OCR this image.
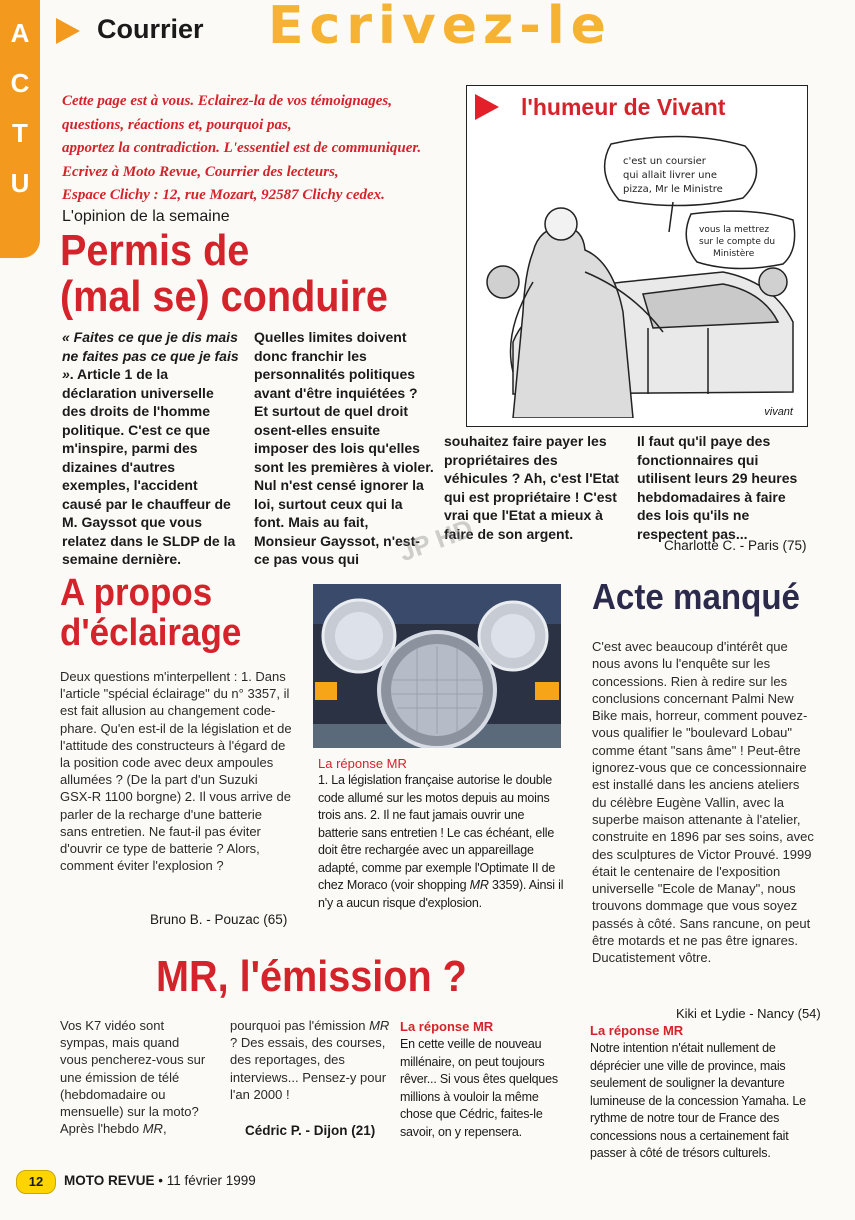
A
C
T
U
Courrier Ecrivez-le
Cette page est à vous. Eclairez-la de vos témoignages,
questions, réactions et, pourquoi pas,
apportez la contradiction. L'essentiel est de communiquer.
Ecrivez à Moto Revue, Courrier des lecteurs,
Espace Clichy : 12, rue Mozart, 92587 Clichy cedex.
L'opinion de la semaine
Permis de
(mal se) conduire
« Faites ce que je dis mais ne faites pas ce que je fais ». Article 1 de la déclaration universelle des droits de l'homme politique. C'est ce que m'inspire, parmi des dizaines d'autres exemples, l'accident causé par le chauffeur de M. Gayssot que vous relatez dans le SLDP de la semaine dernière.
Quelles limites doivent donc franchir les personnalités politiques avant d'être inquiétées ? Et surtout de quel droit osent-elles ensuite imposer des lois qu'elles sont les premières à violer. Nul n'est censé ignorer la loi, surtout ceux qui la font. Mais au fait, Monsieur Gayssot, n'est-ce pas vous qui
souhaitez faire payer les propriétaires des véhicules ? Ah, c'est l'Etat qui est propriétaire ! C'est vrai que l'Etat a mieux à faire de son argent.
Il faut qu'il paye des fonctionnaires qui utilisent leurs 29 heures hebdomadaires à faire des lois qu'ils ne respectent pas...
Charlotte C. - Paris (75)
l'humeur de Vivant
c'est un coursier
qui allait livrer une
pizza, Mr le Ministre
vous la mettrez
sur le compte du
Ministère
vivant
JP HD
A propos
d'éclairage
Deux questions m'interpellent : 1. Dans l'article "spécial éclairage" du n° 3357, il est fait allusion au changement code-phare. Qu'en est-il de la législation et de l'attitude des constructeurs à l'égard de la position code avec deux ampoules allumées ? (De la part d'un Suzuki GSX-R 1100 borgne) 2. Il vous arrive de parler de la recharge d'une batterie sans entretien. Ne faut-il pas éviter d'ouvrir ce type de batterie ? Alors, comment éviter l'explosion ?
Bruno B. - Pouzac (65)
La réponse MR
1. La législation française autorise le double code allumé sur les motos depuis au moins trois ans. 2. Il ne faut jamais ouvrir une batterie sans entretien ! Le cas échéant, elle doit être rechargée avec un appareillage adapté, comme par exemple l'Optimate II de chez Moraco (voir shopping MR 3359). Ainsi il n'y a aucun risque d'explosion.
Acte manqué
C'est avec beaucoup d'intérêt que nous avons lu l'enquête sur les concessions. Rien à redire sur les conclusions concernant Palmi New Bike mais, horreur, comment pouvez-vous qualifier le "boulevard Lobau" comme étant "sans âme" ! Peut-être ignorez-vous que ce concessionnaire est installé dans les anciens ateliers du célèbre Eugène Vallin, avec la superbe maison attenante à l'atelier, construite en 1896 par ses soins, avec des sculptures de Victor Prouvé. 1999 était le centenaire de l'exposition universelle "Ecole de Manay", nous trouvons dommage que vous soyez passés à côté. Sans rancune, on peut être motards et ne pas être ignares. Ducatistement vôtre.
Kiki et Lydie - Nancy (54)
La réponse MR
Notre intention n'était nullement de déprécier une ville de province, mais seulement de souligner la devanture lumineuse de la concession Yamaha. Le rythme de notre tour de France des concessions nous a certainement fait passer à côté de trésors culturels.
MR, l'émission ?
Vos K7 vidéo sont sympas, mais quand vous pencherez-vous sur une émission de télé (hebdomadaire ou mensuelle) sur la moto? Après l'hebdo MR,
pourquoi pas l'émission MR ? Des essais, des courses, des reportages, des interviews... Pensez-y pour l'an 2000 !
Cédric P. - Dijon (21)
La réponse MR
En cette veille de nouveau millénaire, on peut toujours rêver... Si vous êtes quelques millions à vouloir la même chose que Cédric, faites-le savoir, on y repensera.
12	MOTO REVUE • 11 février 1999
